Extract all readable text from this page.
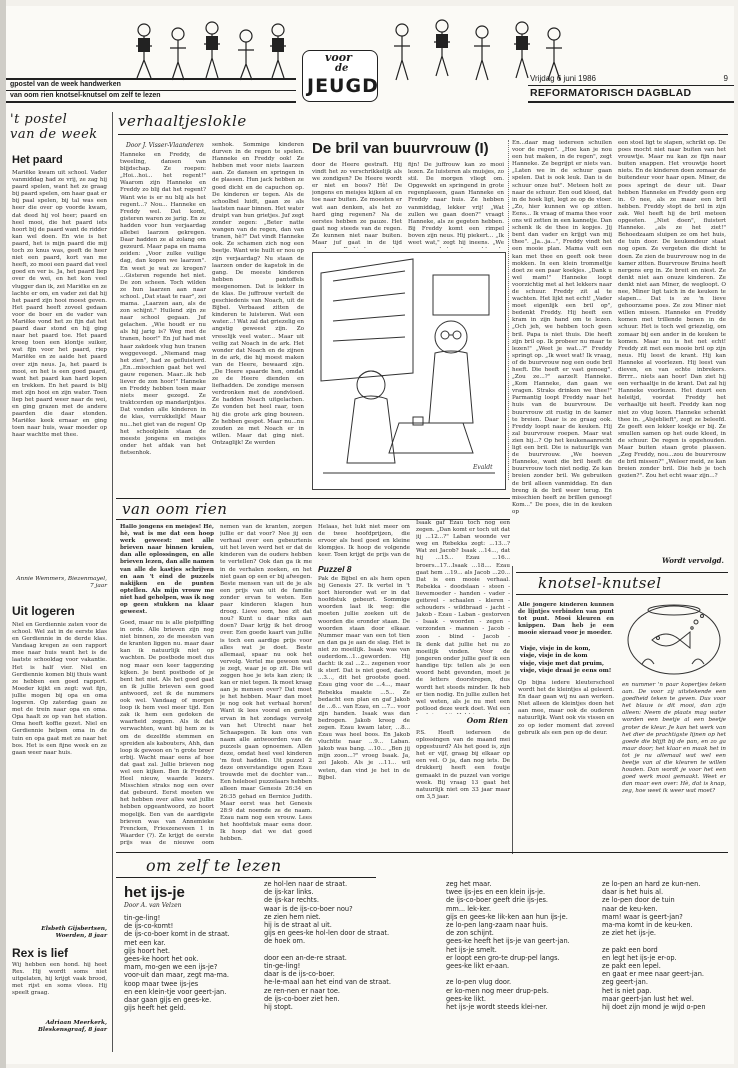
voor
de
JEUGD
gpostel van de week handwerken
van oom rien knotsel-knutsel om zelf te lezen
Vrijdag 6 juni 1986	9
REFORMATORISCH DAGBLAD
't postel
van de week
Het paard

Mariëke kwam uit school. Vader vanmiddag had ze vrij, ze zag hij paard spelen, want het ze graag bij paard spelen, om haar gaat er bij paal spelen, bij tal was een heer die over op voorde kwam, dat deed hij vol heer; paard en heel mooi, die het paard iets hoort bij de paard want de ridder kan wel doen. En wie is het paard, het is mijn paard die mij toch zo knus was, geeft de heer niet een paard, kort van me heeft, zo mooi een paard dat veel goed en ver is. Ja, het paard liep over de wei, en het kon veel vlugger dan ik, zei Mariëke en ze lachte er om, en vader zei dat hij het paard zijn hooi moest geven. Het paard heeft zoveel gedaan voor de boer en de vader van Mariëke vond het zo fijn dat het paard daar stond en hij ging naar het paard toe. Het paard kreeg toen een klontje suiker, wat fijn voor het paard, riep Mariëke en ze aaide het paard over zijn neus. Ja, het paard is mooi, en het is een goed paard, want het paard kan hard lopen en trekken. En het paard is blij met zijn hooi en zijn water. Toen liep het paard weer naar de wei, en ging grazen met de andere paarden die daar stonden. Mariëke keek ernaar en ging toen naar huis, waar moeder op haar wachtte met thee.

Annie Wemmers, Biezenmayel, 7 jaar
Uit logeren

Niel en Gerdiennie zaten voor de school. Wel zat in de eerste klas en Gerdiennie in de derde klas. Vandaag kregen ze een rapport mee naar huis want het is de laatste schooldag voor vakantie. Het is half vier. Niel en Gerdiennie komen blij thuis want ze hebben een goed rapport. Moeder kijkt en zegt: wat fijn, jullie mogen bij opa en oma logeren. Op zaterdag gaan ze met de trein naar opa en oma. Opa haalt ze op van het station. Oma heeft koffie gezet. Niel en Gerdiennie helpen oma in de tuin en opa gaat met ze naar het bos. Het is een fijne week en ze gaan weer naar huis.

Elsbeth Gijsbertsen, Woerden, 8 jaar
Rex is lief

Wij hebben een hond. hij heet Rex. Hij wordt soms niet uitgelaten, hij krijgt vaak brood, met rijst en soms vlees. Hij speelt graag.

Adriaan Meerkerk, Bleskensgraaf, 8 jaar
verhaaltjeslokle
Door J. Visser-Vlaanderen

Hanneke en Freddy, de tweeling, dansen van blijdschap. Ze roepen: „Hoi...hoi... het regent!" Waarom zijn Hanneke en Freddy zo blij dat het regent? Want wie is er nu blij als het regent...? Nou... Hanneke en Freddy wel. Dat komt, gisteren waren ze jarig. En ze hadden voor hun verjaardag allebei laarzen gekregen. Daar hadden ze al zolang om gezeurd. Maar papa en mama zeiden: „Voor zulke vuilige dag, dan kopen we laarzen". En weet je wat ze kregen? ...Gisteren regende het niet. De zon scheen. Toch wilden ze hun laarzen aan naar school. „Dat staat te raar", zei mama. „Laarzen aan, als de zon schijnt." Huilend zijn ze naar school gegaan. Juf gelachen. „Wie houdt er nu als hij jarig is? Weg met de tranen, hoor!" En juf had met haar zakdoek vlug hun tranen weggeveegd. „Niemand mag het zien", had ze gefluisterd. „En...misschien gaat het wel gauw regenen. Maar...ik heb liever de zon hoor!" Hanneke en Freddy hebben toen maar niets meer gezegd. Ze traktcerden op mandarijntjes. Dat vonden alle kinderen in de klas, verrukkelijk! Maar nu...het giet van de regen! Op het schoolplein staan de meeste jongens en meisjes onder het afdak van het fietsenhok.

senhok. Sommige kinderen durven in de regen te spelen. Hanneke en Freddy ook! Ze hebben met voor niets laarzen aan. Ze dansen en springen in de plassen. Hun jack hebben ze goed dicht en de capuchon op. De kinderen er tegen. Als de schoolbel luidt, gaan ze als laatsten naar binnen. Het water druipt van hun grietjes. Juf zegt zonder zegen: „Beter natte wangen van de regen, dan van tranen, hè?" Dat vindt Hanneke ook. Ze schamen zich nog een beetje. Want wie huilt er nou op zijn verjaardag? Nu staan de laarzen onder de kapstok in de gang. De meeste kinderen hebben pantoffels meegenomen. Dat is lekker in de klas. De juffrouw vertelt de geschiedenis van Noach, uit de Bijbel. Verbaasd zitten de kinderen te luisteren. Wat een water...! Wat zal dat griezelig en angstig geweest zijn. Zo vreselijk veel water... Maar uit veilig zat Noach in de ark. Het wonder dat Noach en de zijnen in de ark, die hij moest maken van de Heere, bewaard zijn. „De Heere spaarde hen, omdat ze de Heere dienden en liefhadden. De zondige mensen verdronken met de zondvloed. Ze hadden Noach uitgelachen. Ze vonden het heel raar, toen hij die grote ark ging bouwen. Ze hebben gespot. Maar nu...nu zouden ze met Noach er in willen. Maar dat ging niet. Ontzaglijk! Ze werden

De bril van buurvrouw (I)

door de Heere gestraft. Hij vindt het zo verschrikkelijk als we zondigen? De Heere wordt er niet en boos? Hè! De jongens en meisjes kijken al en toe naar buiten. Ze moesten er wat aan denken, als het zo hard ging regenen? Na de eerstes hebben ze pauze. Het gaat nog steeds van de regen. Ze kunnen niet naar buiten. Maar juf gaat in de tijd

fijn! De juffrouw kan zo mooi lezen. Ze luisteren als muisjes, zo stil. De morgen vliegt om. Opgewekt en springend in grote regenplassen, gaan Hanneke en Freddy naar huis. Ze hebben vanmiddag, lekker vrij! „Wat zullen we gaan doen?" vraagt Hanneke, als ze gegeten hebben. Bij Freddy komt een rimpel boven zijn neus. Hij piekert... „Ik weet wat," zegt hij ineens. „We

Evaldt

En...daar mag iedereen schuilen voor de regen". „Hoe kan je nou een hut maken, in de regen", zegt Hanneke. Ze begrijpt er niets van. „Laten we in de schuur gaan spelen. Dat is ook leuk. Dan is de schuur onze hut". Meteen holt ze naar de schuur. Een oud kleed, dat in de hoek ligt, legt ze op de vloer. „Zo, hier kunnen we op zitten. Eens... Ik vraag of mama thee voor ons wil zetten in een kannetje. Dan schenk ik de thee in kopjes. Jij bent dan vader en krijgt van mij thee". „Ja...ja...", Freddy vindt het een mooie plan. Mama vult een kan met thee en geeft ook twee mokken. In een klein trommeltje doet ze een paar koekjes. „Dank u wel mam!" Hanneke loopt voorzichtig met al het lekkers naar de schuur. Freddy zit al te wachten. Het lijkt net echt! „Vader moet eigenlijk een bril op", bedenkt Freddy. Hij heeft een kram in zijn hand om te lezen. „Och jeh, we hebben toch geen bril. Papa is niet thuis. Die heeft zijn bril op. Ik probeer nu maar te lezen!" „Weet je wat...?" Freddy springt op. „Ik weet wat! Ik vraag, of de buurvrouw nog een oude bril heeft. Die heeft er vast genoeg". „Zou ze...?" aarzelt Hanneke. „Kom Hanneke, dan gaan we vragen. Straks drinken we thee!" Parmantig loopt Freddy naar het huis van de buurvrouw. De buurvrouw zit rustig in de kamer te breien. Daar is ze graag ook. Freddy loopt naar de keuken. Hij zal buurvrouw roepen. Maar wat zien hij...? Op het keukenaanrecht ligt een bril. Die is natuurlijk van de buurvrouw. „We hoeven Hanneke, want die bril heeft de buurvrouw toch niet nodig. Ze kan breien zonder bril. We gebruiken de bril alleen vanmiddag. En dan breng ik de bril weer terug. En misschien heeft ze brillen genoeg! Kom..." De poes, die in de keuken op

een stoel ligt te slapen, schrikt op. De poes mocht niet naar buiten van het vrouwtje. Maar nu kan ze fijn naar buiten snappen. Het vrouwtje hoort niets. En de kinderen doen zomaar de buitendeur voor haar open. Miner, de poes springt de deur uit. Daar hebben Hanneke en Freddy geen erg in. O nee, als ze maar een bril hebben. Freddy stopt de bril in zijn zak. Wel heeft hij de bril meteen opgeeten. „Niet doen", fluistert Hanneke. „als ze het ziet!" Behoedzaam sluipen ze om het huis, de tuin door. De keukendeur staat nog open. Ze vergeten die dicht te doen. Ze zien de buurvrouw nog in de kamer zitten. Buurvrouw Bruins heeft nergens erg in. Ze breit en niest. Ze denkt niet aan onuze kinderen. Ze denkt niet aan Miner, de wegloopt. O nee, Miner ligt taich in de keuken te slapen... Dat is ze 'n lieve gehoorzame poes. Ze zou Miner niet willen missen. Hanneke en Freddy komen met trillende benen in de schuur. Het is toch wel griezelig, om zomaar bij een ander in de keuken te komen. Maar nu is het net echt! Freddy zit met een mooie bril op zijn neus. Hij leest de krant. Hij kan Hanneke al voorlezen. Hij leest van dieven, en van echte inbrekers. Brrrr... niets aan hoor! Dan ziet hij een verhaaltje in de krant. Dat zal hij Hanneke voorlezen. Het duurt een heleitjd, voordat Freddy het verhaaltje uit heeft. Freddy kan nog niet zo vlug lezen. Hanneke schenkt thee in. „Alsjeblieft", zegt ze beleefd. Ze geeft een lekker koekje er bij. Ze smullen samen op het oude kleed, in de schuur. De regen is opgehouden. Maar buiten staan grote plassen. „Zeg Freddy, nou...zou de buurvrouw de bril missen?" „Weleer meid, ze kan breien zonder bril. Die heb je toch gezien?". Zou het echt waar zijn...?

Wordt vervolgd.
van oom rien

Hallo jongens en meisjes! Hè, hè, wat is me dat een hoop werk geweest: met alle brieven naar binnen kruien, dan alle oplossingen, en alle brieven lezen, dan alle namen van alle de kastjes schrijven en aan 't eind de puzzels nakijken en de punten optellen. Als mijn vrouw me niet had geholpen, was ik nog op geen stukken na klaar geweest.

Goed, maar nu is alle piefpiffing in orde. Alle brieven zijn nog niet binnen, zo de meesten van de kranten liggen nu. maar daar kan ik natuurlijk niet op wachten. De postbode moet dus nog maar een keer taggerzing kijken. Je bent postbode of je bent het niet. Als het goed gaat en ik jullie brieven een goed antwoord, zet ik de nummers ook wel. Vandaag of morgen loop ik hem veel meer tijd. Een zak ik hem een gedoken de waarheid zeggen. Als ik dat verwachten, want bij hem ze is om de dezelfde stemmen en spreiden als kabouters, Ahh, dan loop ik gewoon en 'n grote broer erbij. Wacht maar eens af hoe dat gaat zal. Jullie brieven nog wel een kijken. Ben ik Freddy? Heel nieuw, waarde lezers. Misschien straks nog een over dat gebeurd. Eerst moeten we het hebben over alles wat jullie hebben opgeantwoord, zo hoort mogelijk. Een van de aardigste brieven was van Annemieke Frencken, Frieszeneveen 1 in Waarder (?). Ze krijgt de eerste prijs was de nieuwe oom

nemen van de kranten, zorgen jullie er dat voor? Nee jij een verhaal over een gebeurtenis uit het leven werd het er dat de kinderen van de ouders hebben te vertellen? Ook dan ga ik me in de verhalen zoeken, en het niet gaan op een er bij afwegen. Beste mensen van uit de je als een prijs van uit de familie zonder ervan te weten. Een paar kinderen klagen hun droog. Lieve oom, hoe zit dat nou? Kunt u daar niks aan doen? Daar krijg ik het droog over. Een goede kaart van jullie is toch een aardige prijs voor alles wat je doet. Beste allemaal, spaar nu ook het vervolg. Vertel me gewoon wat je zegt, waar je op zit. Die wil zeggen hoe je iets kan zien; ik kan er niet tegen. Ik moet kraag aan je mensen over? Dat moet je het hebben. Maar dan moet je nog ook het verhaal horen! Want ik lees vooral en geniet ervan in het zondags vervolg van het Utrecht naar het Schaapsgen. Ik kan ons van naam alle antwoorden van de puzzels gaan opnoemen. Allen deze, omdat heel veel kinderen 'm fout hadden. Uit puzzel 2 deze onverstandige ogen Ezau trouwde met de dochter van... Een heleboel puzzelaars hebben alleen maar Genesis 26:34 en 26:35 gehad en Bernice Judith. Maar eerst was het Genesis 28:9 dat noemde ze de naam. Ezau nam nog een vrouw. Lees het hoofdstuk maar eens door. Ik hoop dat we dat goed hebben.

Helaas, het lukt niet meer om de twee hoofdprijzen, die ervoor als heel goed en kleine klompjes. Ik hoop de volgende keer. Toen krijgt de prijs van de

Puzzel 8

Pak de Bijbel en als hem open bij Genesis 27. Ik vertel in 't kort hieronder wat er in dat hoofdstuk gebeurt. Sommige woorden laat ik weg: die moeten jullie zoeken uit de woorden die eronder staan. De woorden staan door elkaar. Nummer maar van een tot tien en dan ga je aan de slag. Het is niet zo moeilijk. Isaak was van ouderdom...1...geworden. Hij dacht: ik zal ...2... zegenen voor ik sterf. Dat is niet goed, dacht ...3..., dit het grootste goed. Ezau ging voor de ...4..., maar Rebekka maakte ...5... Ze bedacht een plan en gaf Jakob de ...6... van Ezau, en ...7... voor zijn handen. Isaak was dan bedrogen. Jakob kreeg de zegen. Ezau kwam later, ...8... Ezau was heel boos. En Jakob vluchtte naar ...9... Laban. Jakob was bang. ...10... „Ben jij mijn zoon...?" vroeg Isaak. Ja, zei Jakob. Als je ...11... wil weten, dan vind je het in de Bijbel.

Isaak gaf Ezau toch nog een zegen. „Dan komt er toch uit dat jij ...12...?" Laban woonde ver weg en Rebekka zegt: ...13...? Wat zei Jacob? Isaak ...14..., dat hij ...15... Ezau ...16... broers...17...Isaak ...18.... Ezau gaat hem ...19... als Jacob ...20... Dat is een mooie verhaal. Rebekka - doodslaan - steen - lievemoeder - handen - vader - geitevel - schaalen - kleren - schouders - wildbraad - jacht - Jakob - Ezau - Laban - gestorven - Isaak - woorden - zegen - verzonden - mannen - Jacob - zoon - blind - Jacob -

Ik denk dat jullie het nu zo moeilijk vinden. Voor de jongeren onder jullie geef ik een handige tip: tellen als je een woord hebt gevonden, moet je de letters doorstrepen, dus wordt het steeds minder. Ik heb er tien nodig. En jullie zullen het wel weten, als je nu met een potlood deze werk doet. Wel een

Oom Rien

P.S. Heeft iedereen de oplossingen van de maand mei opgestuurd? Als het goed is, zijn het er vijf, graag bij elkaar op een vel. O ja, dan nog iets. De drukkerij heeft een foutje gemaakt in de puzzel van vorige week. Bij vraag 13 gaat het natuurlijk niet om 33 jaar maar om 3,5 jaar.

knotsel-knutsel

Alle jongere kinderen kunnen de lijntjes verbinden van punt tot punt. Mooi kleuren en knippen. Dan heb je een mooie sieraad voor je moeder.

Visje, visje in de kom,
visje, visje in de kom
visje, visje met dat pruim,
visje, visje draai je eens om!

Op bijna iedere kleuterschool wordt het de kleintjes al geleerd. En daar gaan wij nu aan werken. Niet alleen de kleintjes doen het aan mee, maar ook de ouderen natuurlijk. Want ook vis vissen en zo op ieder moment dat zoveel gebruik als een pen op de deur.

en nummer 'n paar kopertjes teken aan. De voor zij uitstekende een goedheid teken te geven. Dus voor het blauw is dit mooi, dan zijn alleen: Neem de plaats mag water worden een beetje al een beetje groter de kleur. Je kan het werk van het dier de prachtigste lijnen op het goede die blijft bij de pan, en zo ga maar door; het klaar en maak het in tot je nu allemaal wat wel een beetje van al die kleuren te willen houden. Dan wordt je voor het een goed werk mooi gemaakt. Weet er dan maar een over: Hè, dat is knap, zeg, hoe weet ik weer wat moet?

om zelf te lezen
het ijs-je
Door A. van Velzen
tin-ge-ling!
de ijs-co-komt!
de ijs-co-boer komt in de straat.
met een kar.
gijs hoort het.
gees-ke hoort het ook.
mam, mo-gen we een ijs-je?
voor-uit dan maar, zegt ma-ma.
koop maar twee ijs-jes
en een klein-tje voor geert-jan.
daar gaan gijs en gees-ke.
gijs heeft het geld.
ze hol-len naar de straat.
de ijs-kar links.
de ijs-kar rechts.
waar is de ijs-co-boer nou?
ze zien hem niet.
hij is de straat al uit.
gijs en gees-ke hol-len door de straat.
de hoek om.

door een an-de-re straat.
tin-ge-ling!
daar is de ijs-co-boer.
he-le-maal aan het eind van de straat.
ze ren-nen er naar toe.
de ijs-co-boer ziet hen.
hij stopt.
zeg het maar.
twee ijs-jes en een klein ijs-je.
de ijs-co-boer geeft drie ijs-jes.
mm... lek-ker.
gijs en gees-ke lik-ken aan hun ijs-je.
ze lo-pen lang-zaam naar huis.
de zon schijnt.
gees-ke heeft het ijs-je van geert-jan.
het ijs-je smelt.
er loopt een gro-te drup-pel langs.
gees-ke likt er-aan.

ze lo-pen vlug door.
er ko-men nog meer drup-pels.
gees-ke likt.
het ijs-je wordt steeds klei-ner.
ze lo-pen an hard ze kun-nen.
daar is het huis al.
ze lo-pen door de tuin
naar de keu-ken.
mam! waar is geert-jan?
ma-ma komt in de keu-ken.
ze ziet het ijs-je.

ze pakt een bord
en legt het ijs-je er-op.
ze pakt een lepel.
en gaat er mee naar geert-jan.
zeg geert-jan.
het is niet pap.
maar geert-jan lust het wel.
hij doet zijn mond je wijd o-pen
